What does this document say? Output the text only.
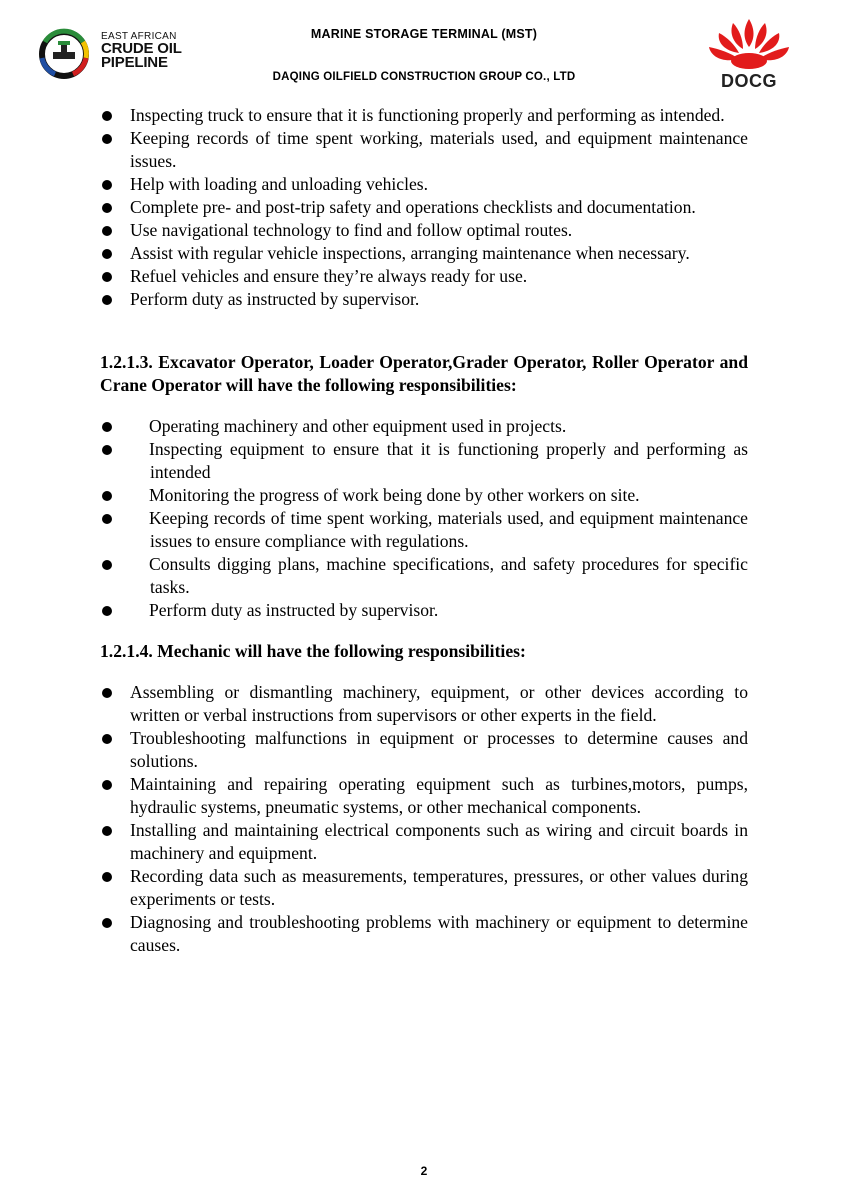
EAST AFRICAN
CRUDE OIL
PIPELINE
MARINE STORAGE TERMINAL (MST)
DAQING OILFIELD CONSTRUCTION GROUP CO., LTD	DOCG
Inspecting truck to ensure that it is functioning properly and performing as intended.
Keeping records of time spent working, materials used, and equipment maintenance issues.
Help with loading and unloading vehicles.
Complete pre- and post-trip safety and operations checklists and documentation.
Use navigational technology to find and follow optimal routes.
Assist with regular vehicle inspections, arranging maintenance when necessary.
Refuel vehicles and ensure they’re always ready for use.
Perform duty as instructed by supervisor.

1.2.1.3. Excavator Operator, Loader Operator,Grader Operator, Roller Operator and Crane Operator will have the following responsibilities:

Operating machinery and other equipment used in projects.
Inspecting equipment to ensure that it is functioning properly and performing as intended
Monitoring the progress of work being done by other workers on site.
Keeping records of time spent working, materials used, and equipment maintenance issues to ensure compliance with regulations.
Consults digging plans, machine specifications, and safety procedures for specific tasks.
Perform duty as instructed by supervisor.

1.2.1.4. Mechanic will have the following responsibilities:

Assembling or dismantling machinery, equipment, or other devices according to written or verbal instructions from supervisors or other experts in the field.
Troubleshooting malfunctions in equipment or processes to determine causes and solutions.
Maintaining and repairing operating equipment such as turbines,motors, pumps, hydraulic systems, pneumatic systems, or other mechanical components.
Installing and maintaining electrical components such as wiring and circuit boards in machinery and equipment.
Recording data such as measurements, temperatures, pressures, or other values during experiments or tests.
Diagnosing and troubleshooting problems with machinery or equipment to determine causes.
2
